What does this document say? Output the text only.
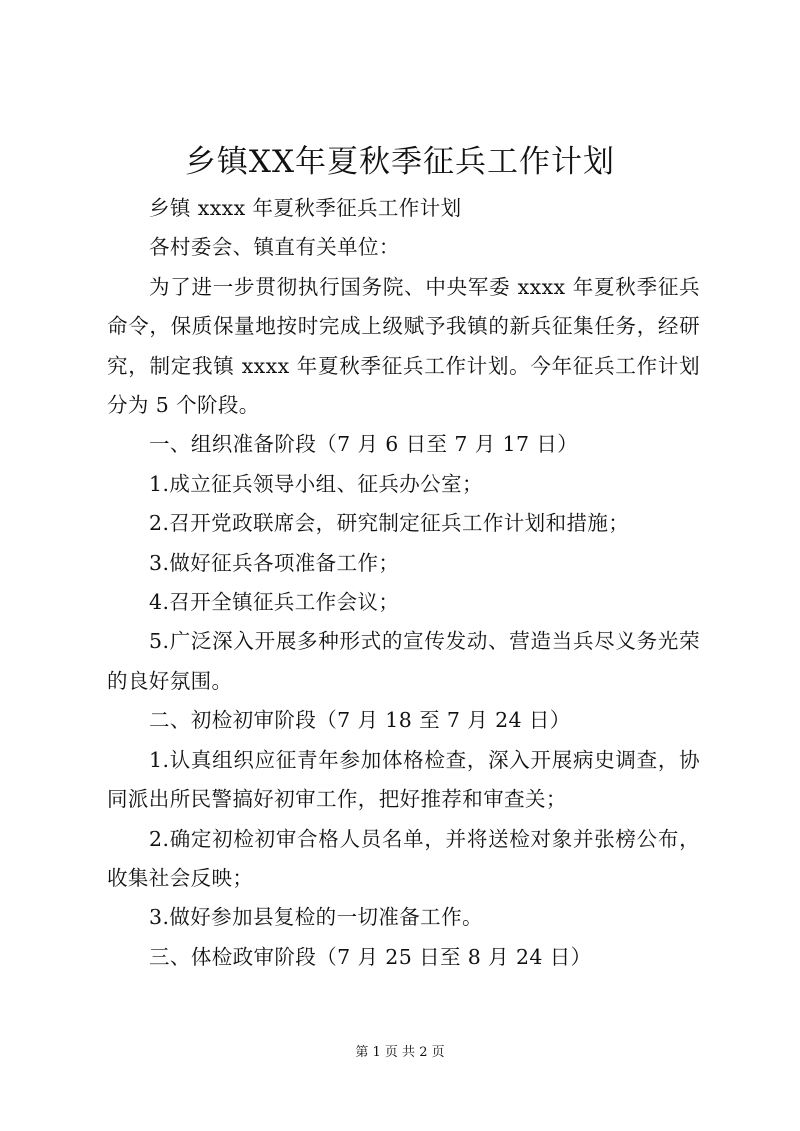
乡镇XX年夏秋季征兵工作计划

乡镇 xxxx 年夏秋季征兵工作计划

各村委会、镇直有关单位：

为了进一步贯彻执行国务院、中央军委 xxxx 年夏秋季征兵命令，保质保量地按时完成上级赋予我镇的新兵征集任务，经研究，制定我镇 xxxx 年夏秋季征兵工作计划。今年征兵工作计划分为 5 个阶段。

一、组织准备阶段（7 月 6 日至 7 月 17 日）

1.成立征兵领导小组、征兵办公室；

2.召开党政联席会，研究制定征兵工作计划和措施；

3.做好征兵各项准备工作；

4.召开全镇征兵工作会议；

5.广泛深入开展多种形式的宣传发动、营造当兵尽义务光荣的良好氛围。

二、初检初审阶段（7 月 18 至 7 月 24 日）

1.认真组织应征青年参加体格检查，深入开展病史调查，协同派出所民警搞好初审工作，把好推荐和审查关；

2.确定初检初审合格人员名单，并将送检对象并张榜公布，收集社会反映；

3.做好参加县复检的一切准备工作。

三、体检政审阶段（7 月 25 日至 8 月 24 日）

第 1 页 共 2 页
